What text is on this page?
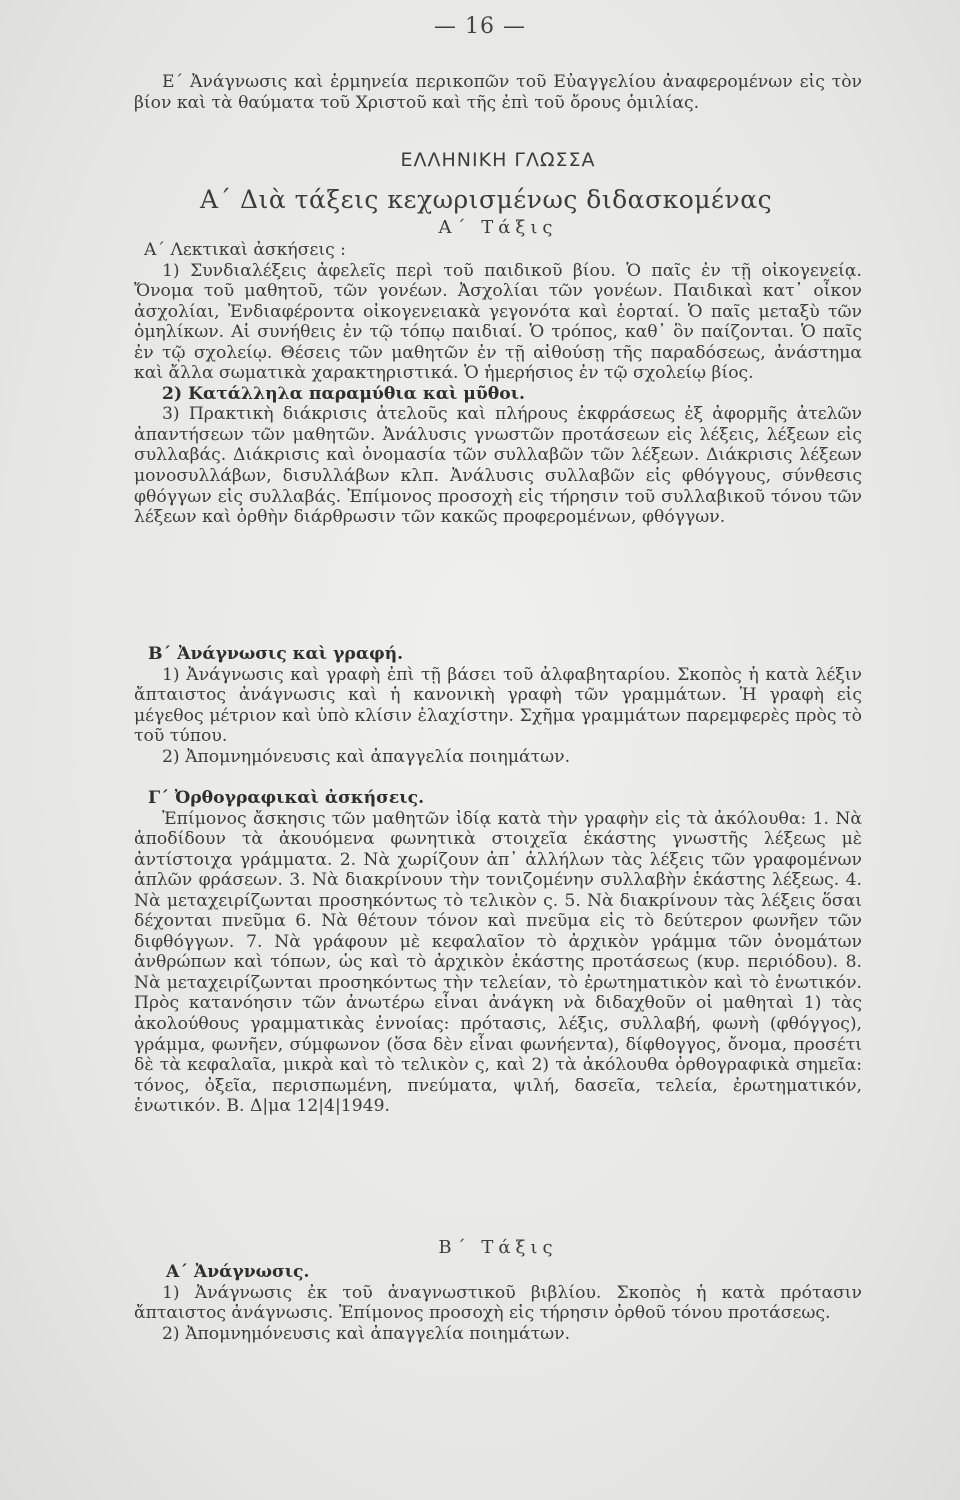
— 16 —

Ε΄ Ἀνάγνωσις καὶ ἑρμηνεία περικοπῶν τοῦ Εὐαγγελίου ἀναφερομένων εἰς τὸν βίον καὶ τὰ θαύματα τοῦ Χριστοῦ καὶ τῆς ἐπὶ τοῦ ὄρους ὁμιλίας.

ΕΛΛΗΝΙΚΗ ΓΛΩΣΣΑ

Α΄ Διὰ τάξεις κεχωρισμένως διδασκομένας

Α΄ Τάξις

Α΄ Λεκτικαὶ ἀσκήσεις :

1) Συνδιαλέξεις ἀφελεῖς περὶ τοῦ παιδικοῦ βίου. Ὁ παῖς ἐν τῇ οἰκογενείᾳ. Ὄνομα τοῦ μαθητοῦ, τῶν γονέων. Ἀσχολίαι τῶν γονέων. Παιδικαὶ κατ᾽ οἶκον ἀσχολίαι, Ἐνδιαφέροντα οἰκογενειακὰ γεγονότα καὶ ἑορταί. Ὁ παῖς μεταξὺ τῶν ὁμηλίκων. Αἱ συνήθεις ἐν τῷ τόπῳ παιδιαί. Ὁ τρόπος, καθ᾽ ὃν παίζονται. Ὁ παῖς ἐν τῷ σχολείῳ. Θέσεις τῶν μαθητῶν ἐν τῇ αἰθούσῃ τῆς παραδόσεως, ἀνάστημα καὶ ἄλλα σωματικὰ χαρακτηριστικά. Ὁ ἡμερήσιος ἐν τῷ σχολείῳ βίος.

2) Κατάλληλα παραμύθια καὶ μῦθοι.

3) Πρακτικὴ διάκρισις ἀτελοῦς καὶ πλήρους ἐκφράσεως ἐξ ἀφορμῆς ἀτελῶν ἀπαντήσεων τῶν μαθητῶν. Ἀνάλυσις γνωστῶν προτάσεων εἰς λέξεις, λέξεων εἰς συλλαβάς. Διάκρισις καὶ ὀνομασία τῶν συλλαβῶν τῶν λέξεων. Διάκρισις λέξεων μονοσυλλάβων, δισυλλάβων κλπ. Ἀνάλυσις συλλαβῶν εἰς φθόγγους, σύνθεσις φθόγγων εἰς συλλαβάς. Ἐπίμονος προσοχὴ εἰς τήρησιν τοῦ συλλαβικοῦ τόνου τῶν λέξεων καὶ ὀρθὴν διάρθρωσιν τῶν κακῶς προφερομένων, φθόγγων.

Β΄ Ἀνάγνωσις καὶ γραφή.

1) Ἀνάγνωσις καὶ γραφὴ ἐπὶ τῇ βάσει τοῦ ἀλφαβηταρίου. Σκοπὸς ἡ κατὰ λέξιν ἄπταιστος ἀνάγνωσις καὶ ἡ κανονικὴ γραφὴ τῶν γραμμάτων. Ἡ γραφὴ εἰς μέγεθος μέτριον καὶ ὑπὸ κλίσιν ἐλαχίστην. Σχῆμα γραμμάτων παρεμφερὲς πρὸς τὸ τοῦ τύπου.

2) Ἀπομνημόνευσις καὶ ἀπαγγελία ποιημάτων.

Γ΄ Ὀρθογραφικαὶ ἀσκήσεις.

Ἐπίμονος ἄσκησις τῶν μαθητῶν ἰδίᾳ κατὰ τὴν γραφὴν εἰς τὰ ἀκόλουθα: 1. Νὰ ἀποδίδουν τὰ ἀκουόμενα φωνητικὰ στοιχεῖα ἑκάστης γνωστῆς λέξεως μὲ ἀντίστοιχα γράμματα. 2. Νὰ χωρίζουν ἀπ᾽ ἀλλήλων τὰς λέξεις τῶν γραφομένων ἁπλῶν φράσεων. 3. Νὰ διακρίνουν τὴν τονιζομένην συλλαβὴν ἑκάστης λέξεως. 4. Νὰ μεταχειρίζωνται προσηκόντως τὸ τελικὸν ς. 5. Νὰ διακρίνουν τὰς λέξεις ὅσαι δέχονται πνεῦμα 6. Νὰ θέτουν τόνον καὶ πνεῦμα εἰς τὸ δεύτερον φωνῆεν τῶν διφθόγγων. 7. Νὰ γράφουν μὲ κεφαλαῖον τὸ ἀρχικὸν γράμμα τῶν ὀνομάτων ἀνθρώπων καὶ τόπων, ὡς καὶ τὸ ἀρχικὸν ἑκάστης προτάσεως (κυρ. περιόδου). 8. Νὰ μεταχειρίζωνται προσηκόντως τὴν τελείαν, τὸ ἐρωτηματικὸν καὶ τὸ ἑνωτικόν. Πρὸς κατανόησιν τῶν ἀνωτέρω εἶναι ἀνάγκη νὰ διδαχθοῦν οἱ μαθηταὶ 1) τὰς ἀκολούθους γραμματικὰς ἐννοίας: πρότασις, λέξις, συλλαβή, φωνὴ (φθόγγος), γράμμα, φωνῆεν, σύμφωνον (ὅσα δὲν εἶναι φωνήεντα), δίφθογγος, ὄνομα, προσέτι δὲ τὰ κεφαλαῖα, μικρὰ καὶ τὸ τελικὸν ς, καὶ 2) τὰ ἀκόλουθα ὀρθογραφικὰ σημεῖα: τόνος, ὀξεῖα, περισπωμένη, πνεύματα, ψιλή, δασεῖα, τελεία, ἐρωτηματικόν, ἑνωτικόν. Β. Δ|μα 12|4|1949.

Β΄ Τάξις

Α΄ Ἀνάγνωσις.

1) Ἀνάγνωσις ἐκ τοῦ ἀναγνωστικοῦ βιβλίου. Σκοπὸς ἡ κατὰ πρότασιν ἄπταιστος ἀνάγνωσις. Ἐπίμονος προσοχὴ εἰς τήρησιν ὀρθοῦ τόνου προτάσεως.

2) Ἀπομνημόνευσις καὶ ἀπαγγελία ποιημάτων.
